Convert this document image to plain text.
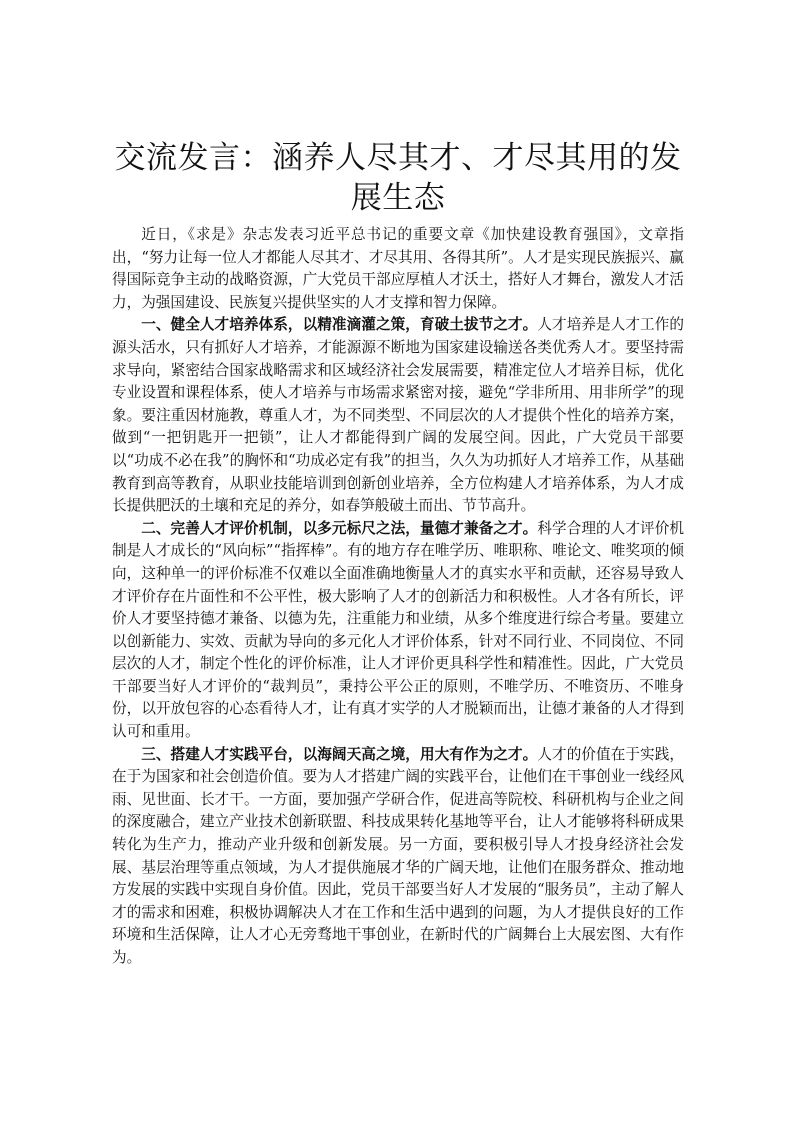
交流发言：涵养人尽其才、才尽其用的发展生态

近日，《求是》杂志发表习近平总书记的重要文章《加快建设教育强国》，文章指出，“努力让每一位人才都能人尽其才、才尽其用、各得其所”。人才是实现民族振兴、赢得国际竞争主动的战略资源，广大党员干部应厚植人才沃土，搭好人才舞台，激发人才活力，为强国建设、民族复兴提供坚实的人才支撑和智力保障。

一、健全人才培养体系，以精准滴灌之策，育破土拔节之才。人才培养是人才工作的源头活水，只有抓好人才培养，才能源源不断地为国家建设输送各类优秀人才。要坚持需求导向，紧密结合国家战略需求和区域经济社会发展需要，精准定位人才培养目标，优化专业设置和课程体系，使人才培养与市场需求紧密对接，避免“学非所用、用非所学”的现象。要注重因材施教，尊重人才，为不同类型、不同层次的人才提供个性化的培养方案，做到“一把钥匙开一把锁”，让人才都能得到广阔的发展空间。因此，广大党员干部要以“功成不必在我”的胸怀和“功成必定有我”的担当，久久为功抓好人才培养工作，从基础教育到高等教育，从职业技能培训到创新创业培养，全方位构建人才培养体系，为人才成长提供肥沃的土壤和充足的养分，如春笋般破土而出、节节高升。

二、完善人才评价机制，以多元标尺之法，量德才兼备之才。科学合理的人才评价机制是人才成长的“风向标”“指挥棒”。有的地方存在唯学历、唯职称、唯论文、唯奖项的倾向，这种单一的评价标准不仅难以全面准确地衡量人才的真实水平和贡献，还容易导致人才评价存在片面性和不公平性，极大影响了人才的创新活力和积极性。人才各有所长，评价人才要坚持德才兼备、以德为先，注重能力和业绩，从多个维度进行综合考量。要建立以创新能力、实效、贡献为导向的多元化人才评价体系，针对不同行业、不同岗位、不同层次的人才，制定个性化的评价标准，让人才评价更具科学性和精准性。因此，广大党员干部要当好人才评价的“裁判员”，秉持公平公正的原则，不唯学历、不唯资历、不唯身份，以开放包容的心态看待人才，让有真才实学的人才脱颖而出，让德才兼备的人才得到认可和重用。

三、搭建人才实践平台，以海阔天高之境，用大有作为之才。人才的价值在于实践，在于为国家和社会创造价值。要为人才搭建广阔的实践平台，让他们在干事创业一线经风雨、见世面、长才干。一方面，要加强产学研合作，促进高等院校、科研机构与企业之间的深度融合，建立产业技术创新联盟、科技成果转化基地等平台，让人才能够将科研成果转化为生产力，推动产业升级和创新发展。另一方面，要积极引导人才投身经济社会发展、基层治理等重点领域，为人才提供施展才华的广阔天地，让他们在服务群众、推动地方发展的实践中实现自身价值。因此，党员干部要当好人才发展的“服务员”，主动了解人才的需求和困难，积极协调解决人才在工作和生活中遇到的问题，为人才提供良好的工作环境和生活保障，让人才心无旁骛地干事创业，在新时代的广阔舞台上大展宏图、大有作为。
